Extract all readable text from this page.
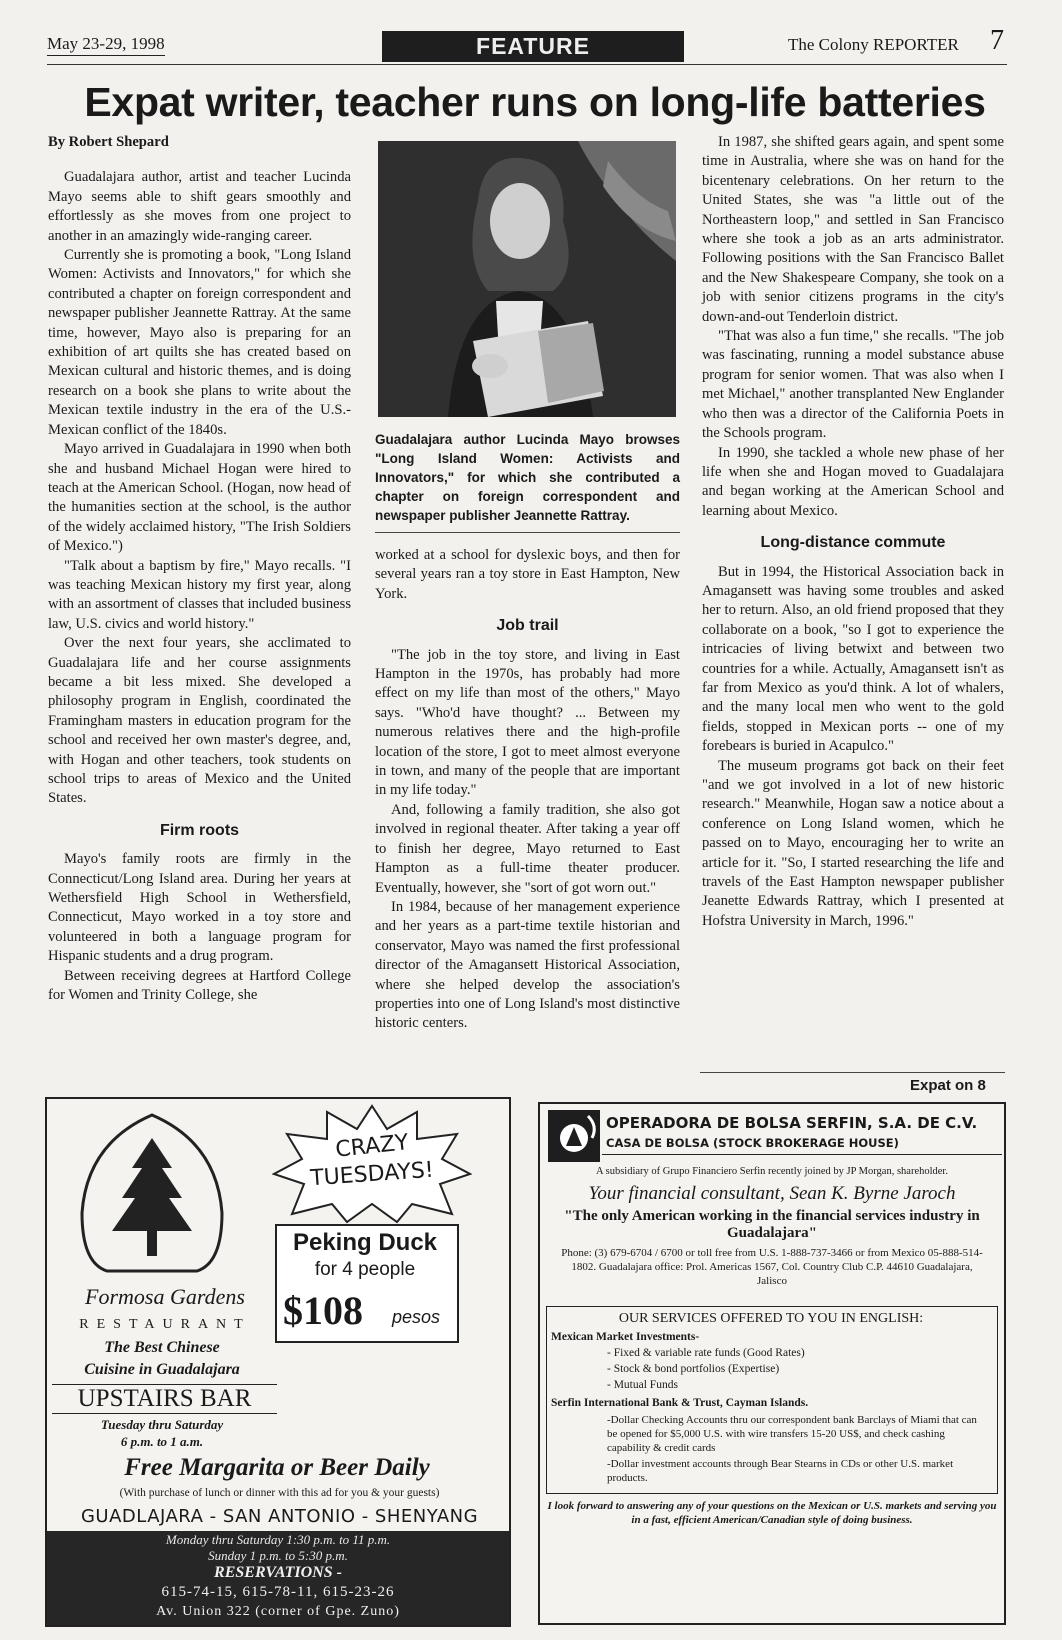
May 23-29, 1998	FEATURE	The Colony REPORTER 7
Expat writer, teacher runs on long-life batteries

By Robert Shepard

Guadalajara author, artist and teacher Lucinda Mayo seems able to shift gears smoothly and effortlessly as she moves from one project to another in an amazingly wide-ranging career.

Currently she is promoting a book, "Long Island Women: Activists and Innovators," for which she contributed a chapter on foreign correspondent and newspaper publisher Jeannette Rattray. At the same time, however, Mayo also is preparing for an exhibition of art quilts she has created based on Mexican cultural and historic themes, and is doing research on a book she plans to write about the Mexican textile industry in the era of the U.S.-Mexican conflict of the 1840s.

Mayo arrived in Guadalajara in 1990 when both she and husband Michael Hogan were hired to teach at the American School. (Hogan, now head of the humanities section at the school, is the author of the widely acclaimed history, "The Irish Soldiers of Mexico.")

"Talk about a baptism by fire," Mayo recalls. "I was teaching Mexican history my first year, along with an assortment of classes that included business law, U.S. civics and world history."

Over the next four years, she acclimated to Guadalajara life and her course assignments became a bit less mixed. She developed a philosophy program in English, coordinated the Framingham masters in education program for the school and received her own master's degree, and, with Hogan and other teachers, took students on school trips to areas of Mexico and the United States.

Firm roots

Mayo's family roots are firmly in the Connecticut/Long Island area. During her years at Wethersfield High School in Wethersfield, Connecticut, Mayo worked in a toy store and volunteered in both a language program for Hispanic students and a drug program.

Between receiving degrees at Hartford College for Women and Trinity College, she

Guadalajara author Lucinda Mayo browses "Long Island Women: Activists and Innovators," for which she contributed a chapter on foreign correspondent and newspaper publisher Jeannette Rattray.

worked at a school for dyslexic boys, and then for several years ran a toy store in East Hampton, New York.

Job trail

"The job in the toy store, and living in East Hampton in the 1970s, has probably had more effect on my life than most of the others," Mayo says. "Who'd have thought? ... Between my numerous relatives there and the high-profile location of the store, I got to meet almost everyone in town, and many of the people that are important in my life today."

And, following a family tradition, she also got involved in regional theater. After taking a year off to finish her degree, Mayo returned to East Hampton as a full-time theater producer. Eventually, however, she "sort of got worn out."

In 1984, because of her management experience and her years as a part-time textile historian and conservator, Mayo was named the first professional director of the Amagansett Historical Association, where she helped develop the association's properties into one of Long Island's most distinctive historic centers.

In 1987, she shifted gears again, and spent some time in Australia, where she was on hand for the bicentenary celebrations. On her return to the United States, she was "a little out of the Northeastern loop," and settled in San Francisco where she took a job as an arts administrator. Following positions with the San Francisco Ballet and the New Shakespeare Company, she took on a job with senior citizens programs in the city's down-and-out Tenderloin district.

"That was also a fun time," she recalls. "The job was fascinating, running a model substance abuse program for senior women. That was also when I met Michael," another transplanted New Englander who then was a director of the California Poets in the Schools program.

In 1990, she tackled a whole new phase of her life when she and Hogan moved to Guadalajara and began working at the American School and learning about Mexico.

Long-distance commute

But in 1994, the Historical Association back in Amagansett was having some troubles and asked her to return. Also, an old friend proposed that they collaborate on a book, "so I got to experience the intricacies of living betwixt and between two countries for a while. Actually, Amagansett isn't as far from Mexico as you'd think. A lot of whalers, and the many local men who went to the gold fields, stopped in Mexican ports -- one of my forebears is buried in Acapulco."

The museum programs got back on their feet "and we got involved in a lot of new historic research." Meanwhile, Hogan saw a notice about a conference on Long Island women, which he passed on to Mayo, encouraging her to write an article for it. "So, I started researching the life and travels of the East Hampton newspaper publisher Jeanette Edwards Rattray, which I presented at Hofstra University in March, 1996."

Expat on 8
Formosa Gardens
RESTAURANT
The Best Chinese
Cuisine in Guadalajara
UPSTAIRS BAR
Tuesday thru Saturday
6 p.m. to 1 a.m.
CRAZY
TUESDAYS!
Peking Duck
for 4 people
$108 pesos
Free Margarita or Beer Daily
(With purchase of lunch or dinner with this ad for you & your guests)
GUADLAJARA - SAN ANTONIO - SHENYANG
Monday thru Saturday 1:30 p.m. to 11 p.m.
Sunday 1 p.m. to 5:30 p.m.
RESERVATIONS -
615-74-15, 615-78-11, 615-23-26
Av. Union 322 (corner of Gpe. Zuno)
OPERADORA DE BOLSA SERFIN, S.A. DE C.V.
CASA DE BOLSA (STOCK BROKERAGE HOUSE)
A subsidiary of Grupo Financiero Serfin recently joined by JP Morgan, shareholder.
Your financial consultant, Sean K. Byrne Jaroch
"The only American working in the financial services industry in Guadalajara"
Phone: (3) 679-6704 / 6700 or toll free from U.S. 1-888-737-3466 or from Mexico 05-888-514-1802. Guadalajara office: Prol. Americas 1567, Col. Country Club C.P. 44610 Guadalajara, Jalisco
OUR SERVICES OFFERED TO YOU IN ENGLISH:
Mexican Market Investments-
- Fixed & variable rate funds (Good Rates)
- Stock & bond portfolios (Expertise)
- Mutual Funds
Serfin International Bank & Trust, Cayman Islands.
-Dollar Checking Accounts thru our correspondent bank Barclays of Miami that can be opened for $5,000 U.S. with wire transfers 15-20 US$, and check cashing capability & credit cards
-Dollar investment accounts through Bear Stearns in CDs or other U.S. market products.
I look forward to answering any of your questions on the Mexican or U.S. markets and serving you in a fast, efficient American/Canadian style of doing business.
